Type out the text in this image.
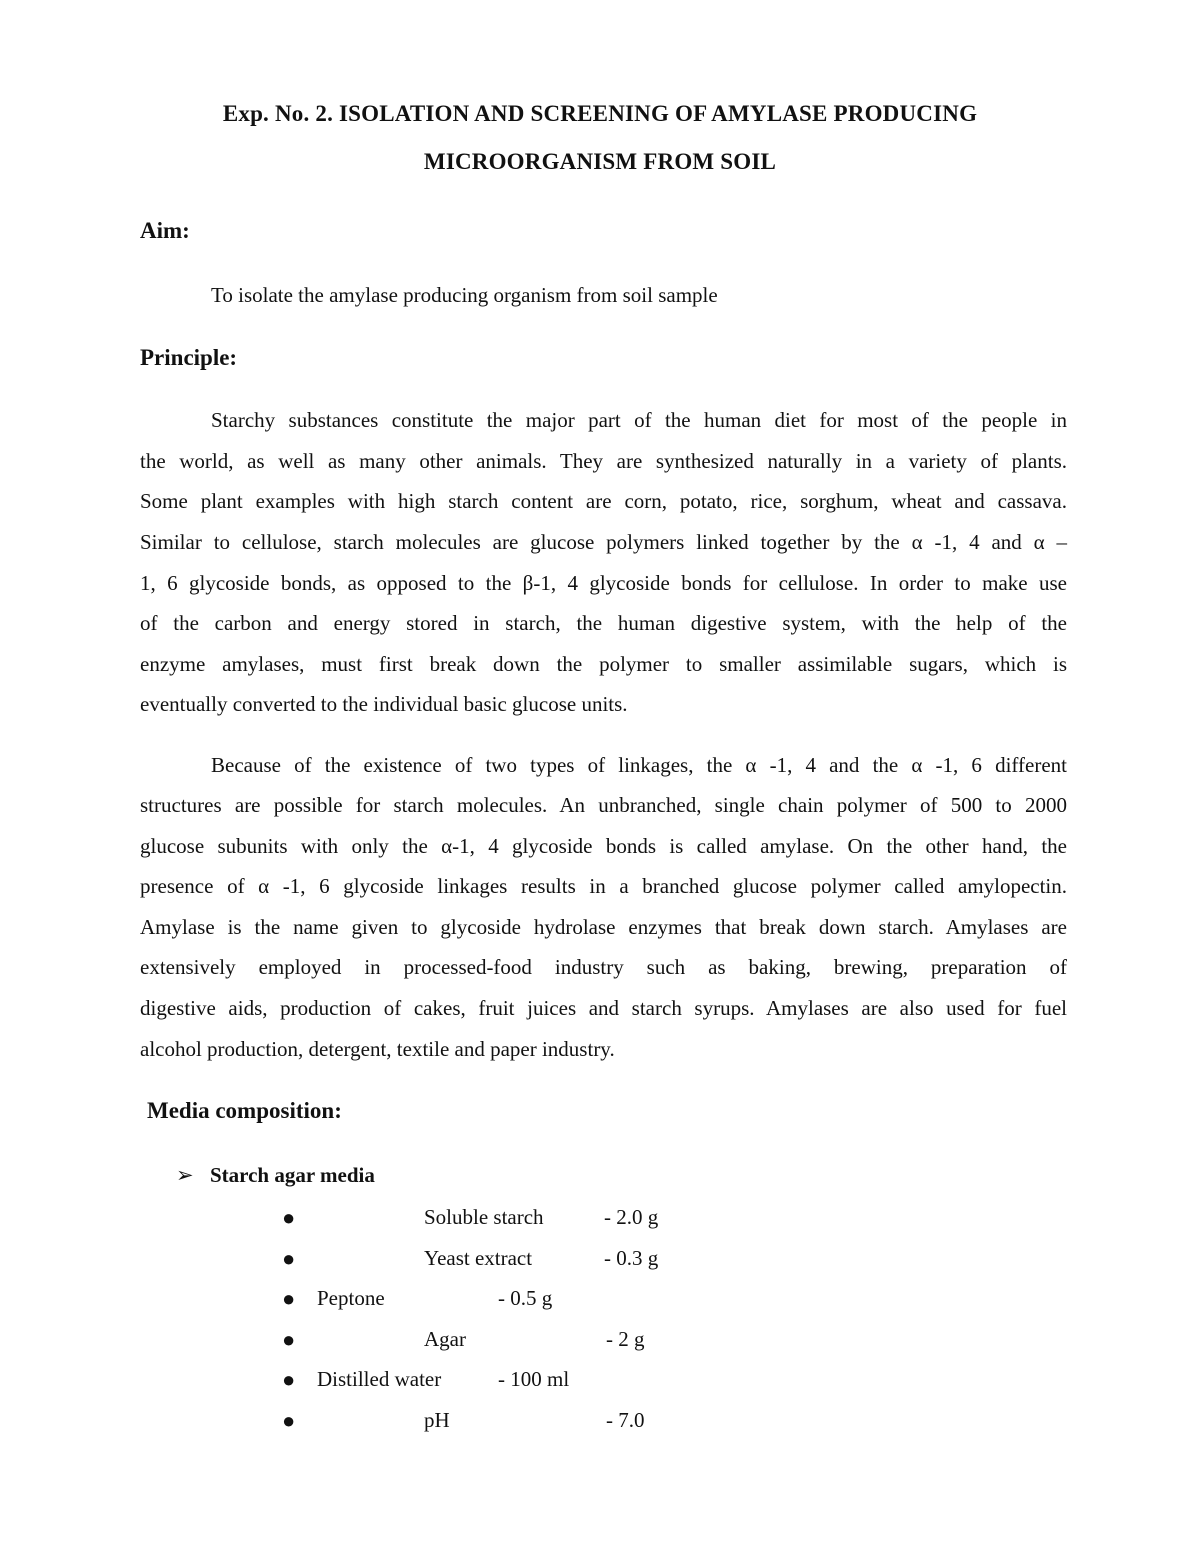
Exp. No. 2. ISOLATION AND SCREENING OF AMYLASE PRODUCING
MICROORGANISM FROM SOIL
Aim:
To isolate the amylase producing organism from soil sample
Principle:
Starchy substances constitute the major part of the human diet for most of the people in
the world, as well as many other animals. They are synthesized naturally in a variety of plants.
Some plant examples with high starch content are corn, potato, rice, sorghum, wheat and cassava.
Similar to cellulose, starch molecules are glucose polymers linked together by the α -1, 4 and α –
1, 6 glycoside bonds, as opposed to the β-1, 4 glycoside bonds for cellulose. In order to make use
of the carbon and energy stored in starch, the human digestive system, with the help of the
enzyme amylases, must first break down the polymer to smaller assimilable sugars, which is
eventually converted to the individual basic glucose units.
Because of the existence of two types of linkages, the α -1, 4 and the α -1, 6 different
structures are possible for starch molecules. An unbranched, single chain polymer of 500 to 2000
glucose subunits with only the α-1, 4 glycoside bonds is called amylase. On the other hand, the
presence of α -1, 6 glycoside linkages results in a branched glucose polymer called amylopectin.
Amylase is the name given to glycoside hydrolase enzymes that break down starch. Amylases are
extensively employed in processed-food industry such as baking, brewing, preparation of
digestive aids, production of cakes, fruit juices and starch syrups. Amylases are also used for fuel
alcohol production, detergent, textile and paper industry.
Media composition:
➢ Starch agar media
●	Soluble starch	- 2.0 g
●	Yeast extract	- 0.3 g
● Peptone	- 0.5 g
●	Agar	- 2 g
● Distilled water	- 100 ml
●	pH	- 7.0
